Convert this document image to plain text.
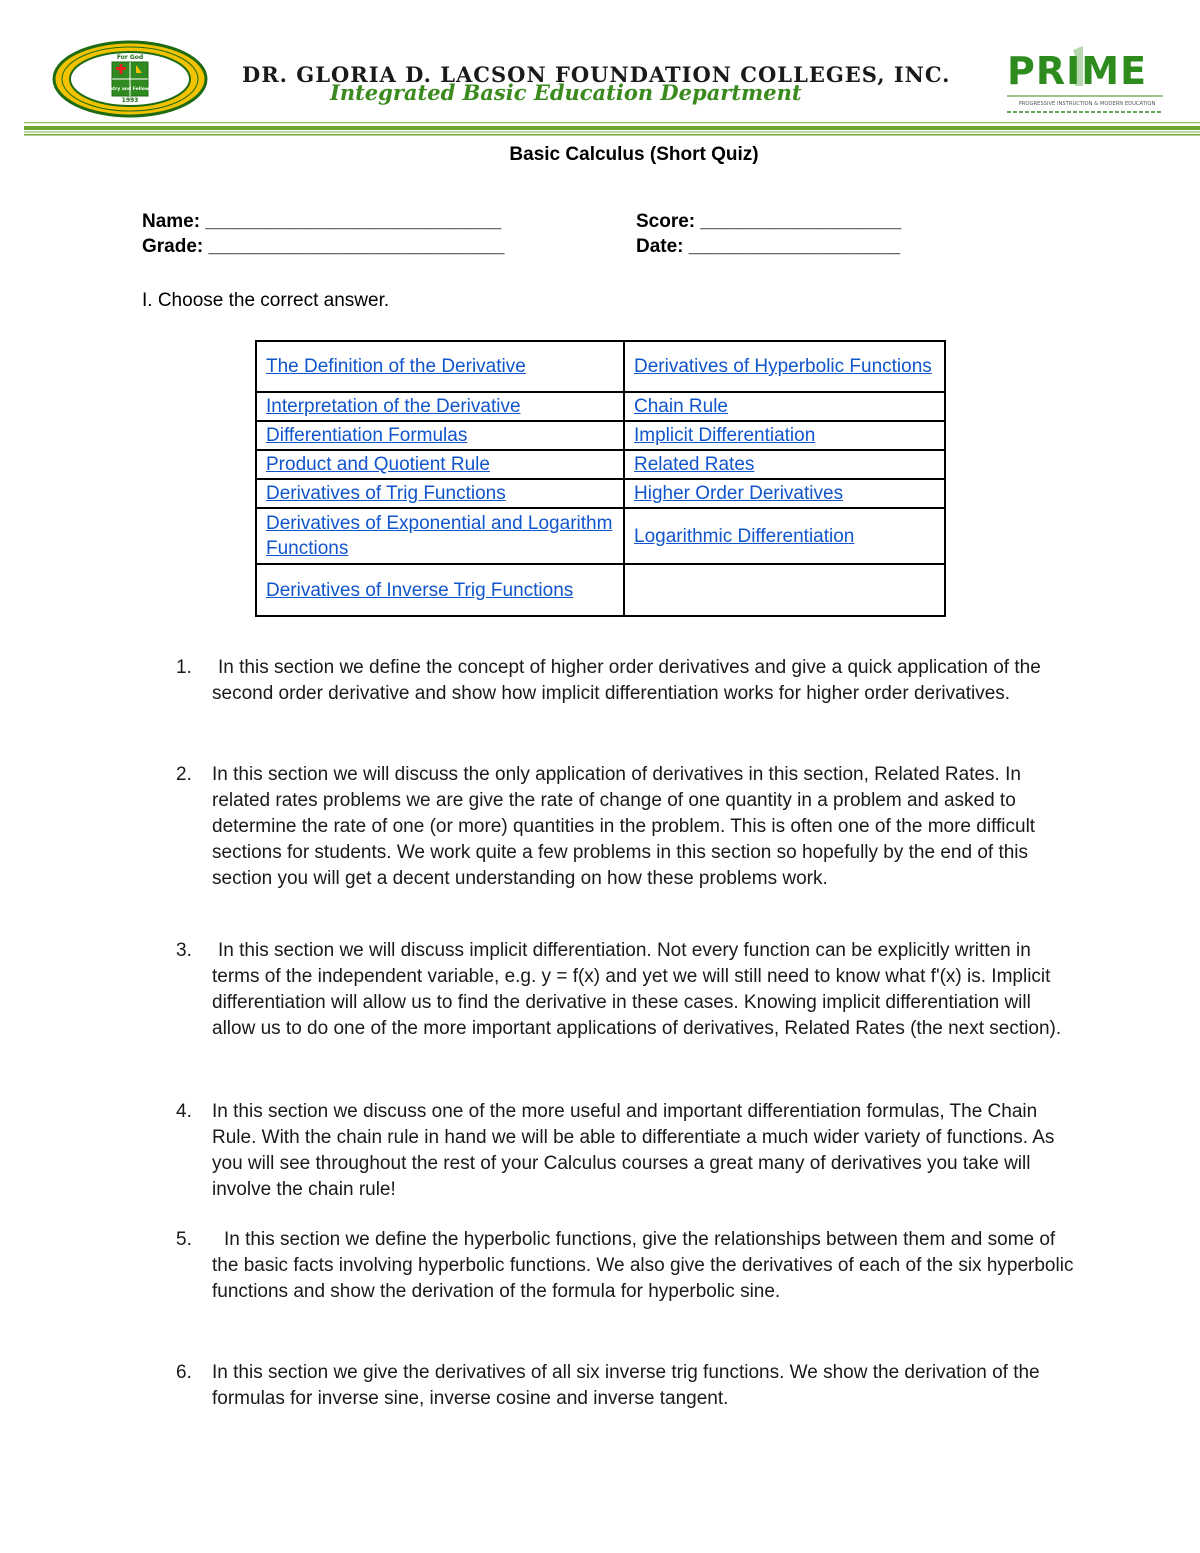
For God
Country and Fellowmen
1993
DR. GLORIA D. LACSON FOUNDATION COLLEGES, INC.
Integrated Basic Education Department	PRIME
PROGRESSIVE INSTRUCTION & MODERN EDUCATION
Basic Calculus (Short Quiz)
Name: ____________________________
Grade: ____________________________
Score: ___________________
Date: ____________________
I. Choose the correct answer.
The Definition of the Derivative	Derivatives of Hyperbolic Functions
Interpretation of the Derivative	Chain Rule
Differentiation Formulas	Implicit Differentiation
Product and Quotient Rule	Related Rates
Derivatives of Trig Functions	Higher Order Derivatives
Derivatives of Exponential and Logarithm Functions	Logarithmic Differentiation
Derivatives of Inverse Trig Functions	
1.	In this section we define the concept of higher order derivatives and give a quick application of the second order derivative and show how implicit differentiation works for higher order derivatives.
2.	In this section we will discuss the only application of derivatives in this section, Related Rates. In related rates problems we are give the rate of change of one quantity in a problem and asked to determine the rate of one (or more) quantities in the problem. This is often one of the more difficult sections for students. We work quite a few problems in this section so hopefully by the end of this section you will get a decent understanding on how these problems work.
3.	In this section we will discuss implicit differentiation. Not every function can be explicitly written in terms of the independent variable, e.g. y = f(x) and yet we will still need to know what f'(x) is. Implicit differentiation will allow us to find the derivative in these cases. Knowing implicit differentiation will allow us to do one of the more important applications of derivatives, Related Rates (the next section).
4.	In this section we discuss one of the more useful and important differentiation formulas, The Chain Rule. With the chain rule in hand we will be able to differentiate a much wider variety of functions. As you will see throughout the rest of your Calculus courses a great many of derivatives you take will involve the chain rule!
5.	In this section we define the hyperbolic functions, give the relationships between them and some of the basic facts involving hyperbolic functions. We also give the derivatives of each of the six hyperbolic functions and show the derivation of the formula for hyperbolic sine.
6.	In this section we give the derivatives of all six inverse trig functions. We show the derivation of the formulas for inverse sine, inverse cosine and inverse tangent.
